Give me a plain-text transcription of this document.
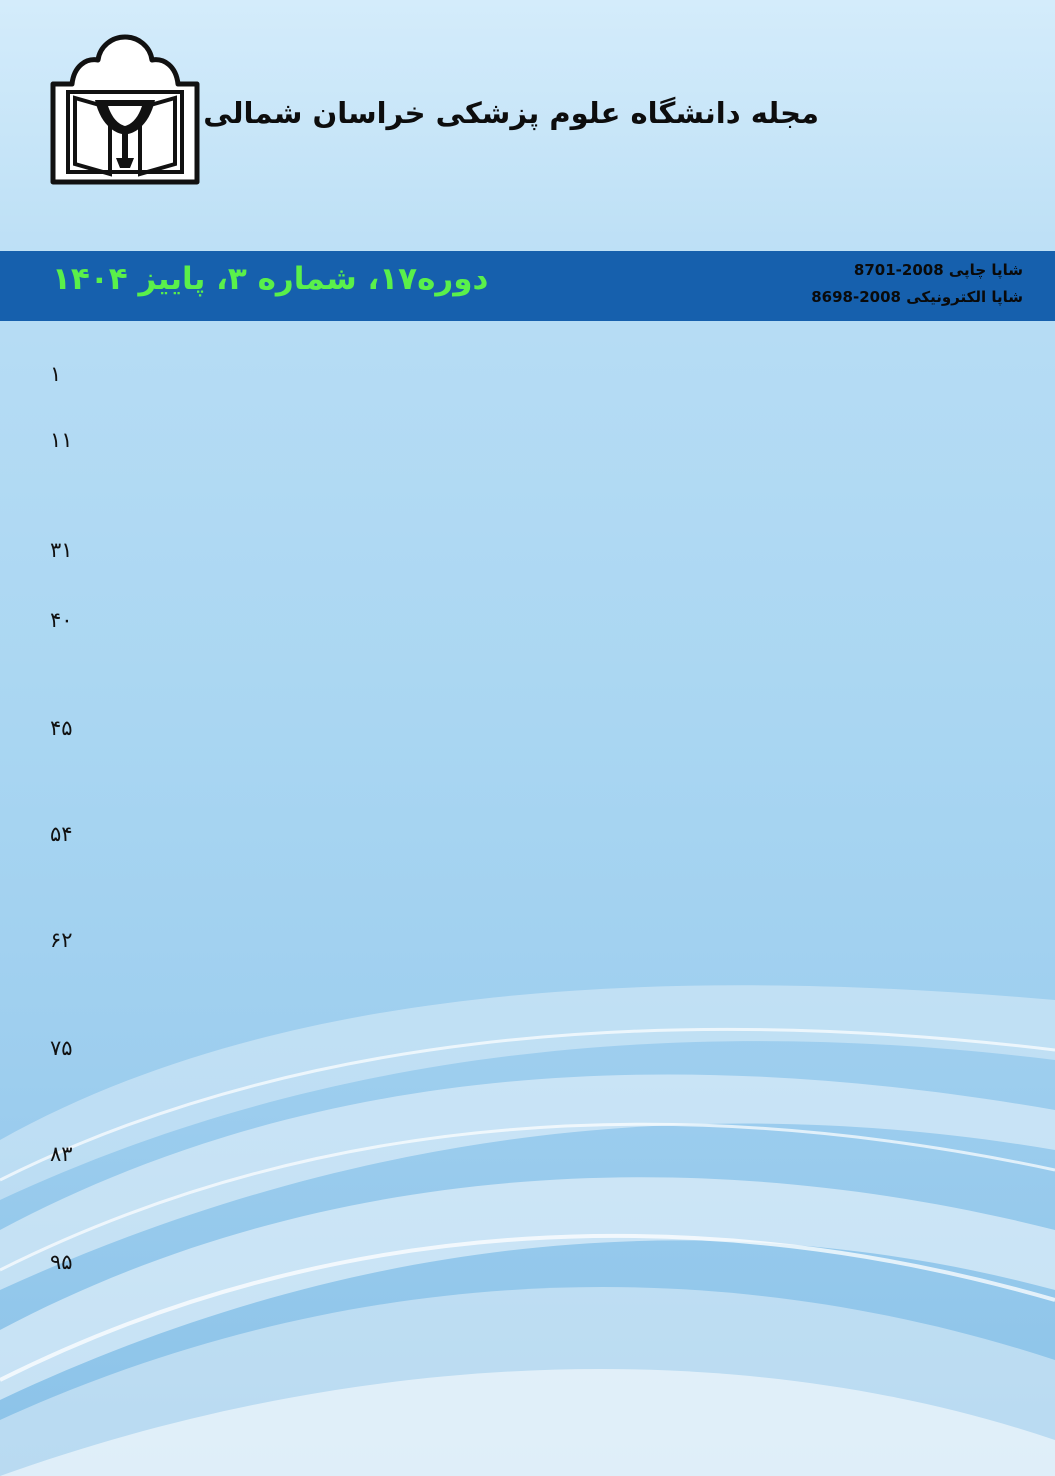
مجله دانشگاه علوم پزشکی خراسان شمالی
دوره۱۷، شماره ۳، پاییز ۱۴۰۴	شاپا چاپی 2008-8701
شاپا الکترونیکی 2008-8698
۱
۱۱
۳۱
۴۰
۴۵
۵۴
۶۲
۷۵
۸۳
۹۵
